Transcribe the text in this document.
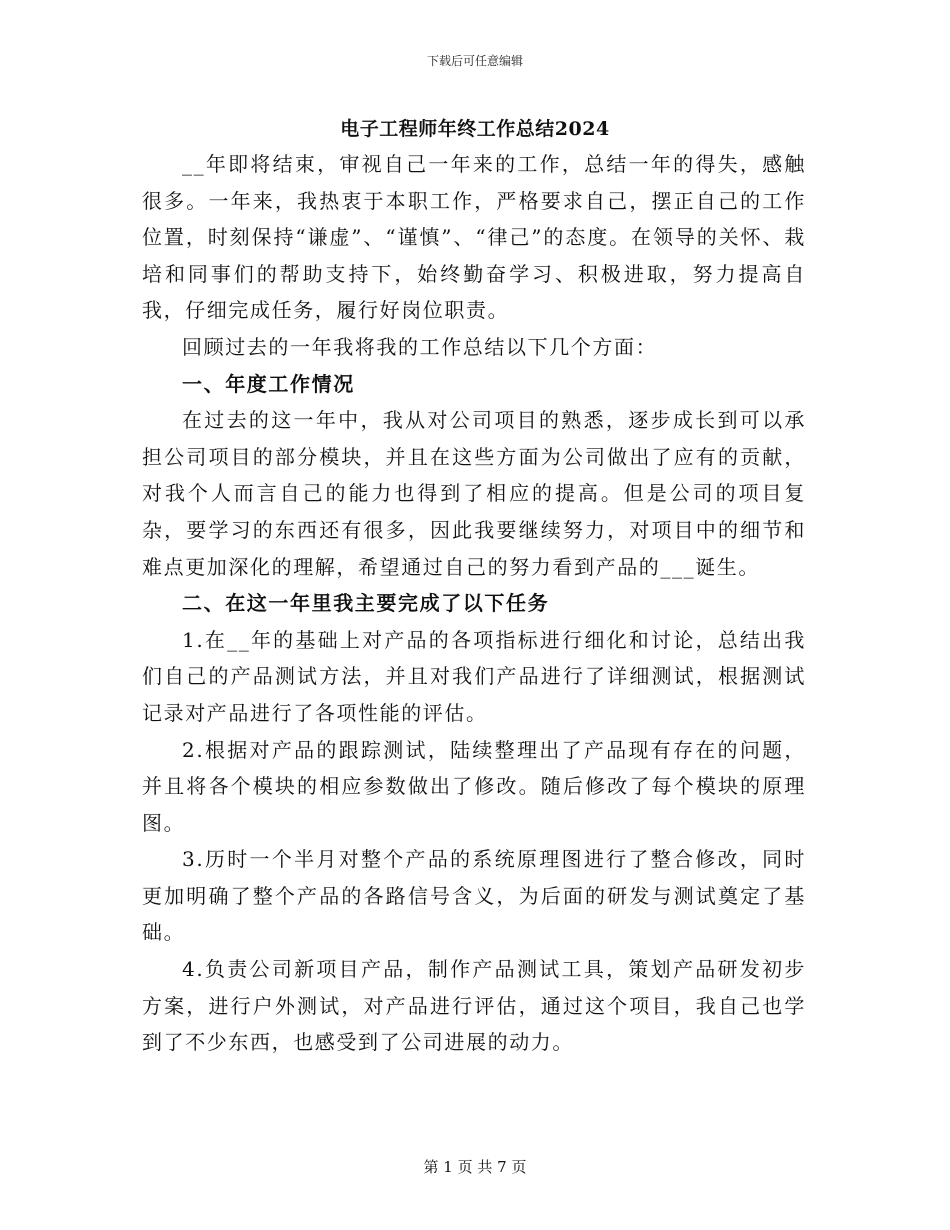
下载后可任意编辑
电子工程师年终工作总结2024

__年即将结束，审视自己一年来的工作，总结一年的得失，感触很多。一年来，我热衷于本职工作，严格要求自己，摆正自己的工作位置，时刻保持“谦虚”、“谨慎”、“律己”的态度。在领导的关怀、栽培和同事们的帮助支持下，始终勤奋学习、积极进取，努力提高自我，仔细完成任务，履行好岗位职责。

回顾过去的一年我将我的工作总结以下几个方面：

一、年度工作情况

在过去的这一年中，我从对公司项目的熟悉，逐步成长到可以承担公司项目的部分模块，并且在这些方面为公司做出了应有的贡献，对我个人而言自己的能力也得到了相应的提高。但是公司的项目复杂，要学习的东西还有很多，因此我要继续努力，对项目中的细节和难点更加深化的理解，希望通过自己的努力看到产品的___诞生。

二、在这一年里我主要完成了以下任务

1.在__年的基础上对产品的各项指标进行细化和讨论，总结出我们自己的产品测试方法，并且对我们产品进行了详细测试，根据测试记录对产品进行了各项性能的评估。

2.根据对产品的跟踪测试，陆续整理出了产品现有存在的问题，并且将各个模块的相应参数做出了修改。随后修改了每个模块的原理图。

3.历时一个半月对整个产品的系统原理图进行了整合修改，同时更加明确了整个产品的各路信号含义，为后面的研发与测试奠定了基础。

4.负责公司新项目产品，制作产品测试工具，策划产品研发初步方案，进行户外测试，对产品进行评估，通过这个项目，我自己也学到了不少东西，也感受到了公司进展的动力。

第 1 页 共 7 页
